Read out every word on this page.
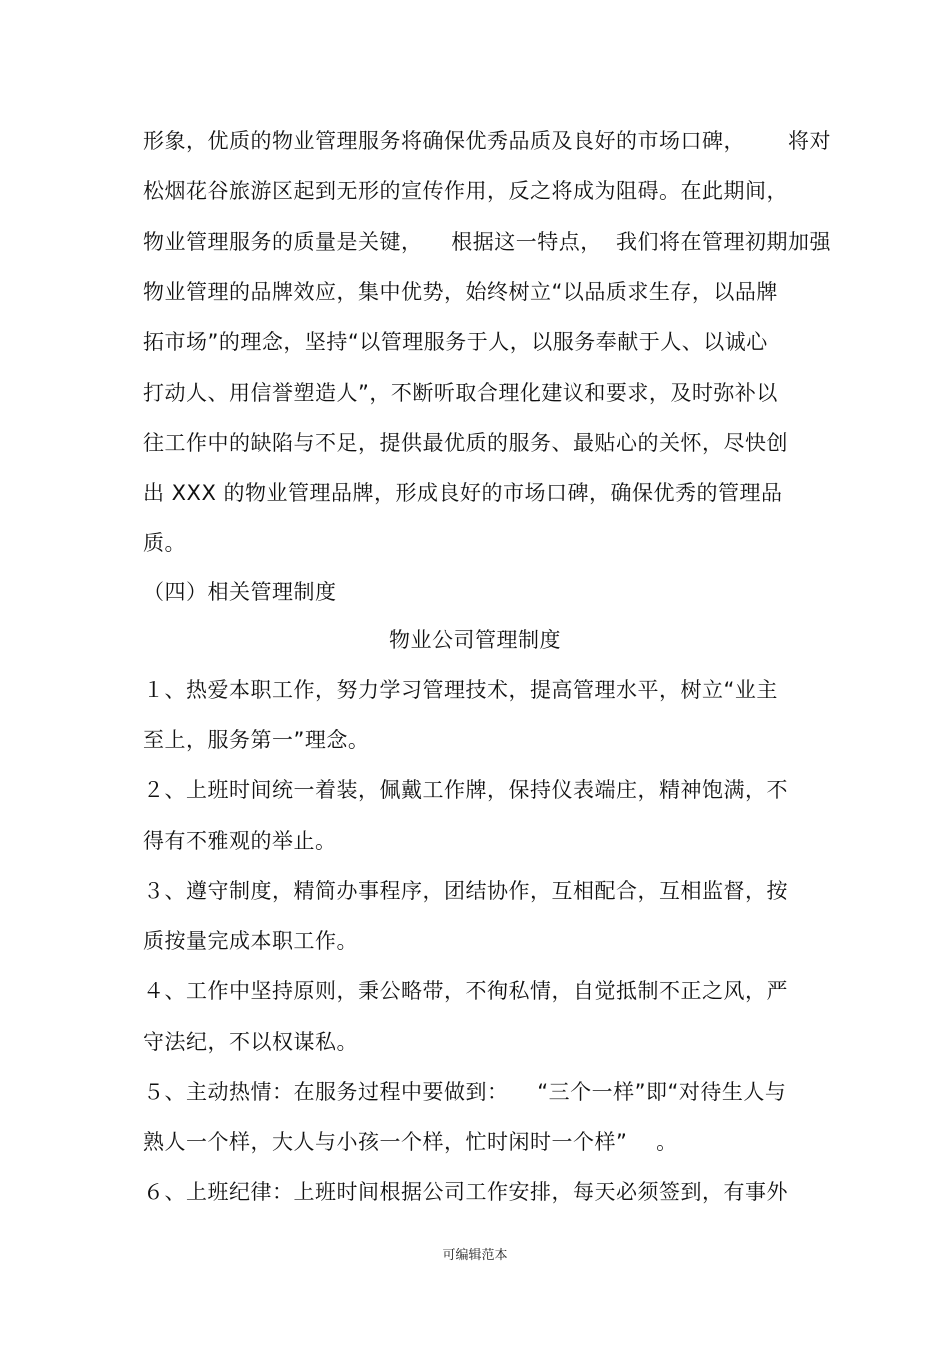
形象，优质的物业管理服务将确保优秀品质及良好的市场口碑，      将对
松烟花谷旅游区起到无形的宣传作用，反之将成为阻碍。在此期间，
物业管理服务的质量是关键，    根据这一特点，  我们将在管理初期加强
物业管理的品牌效应，集中优势，始终树立“以品质求生存，以品牌
拓市场”的理念，坚持“以管理服务于人，以服务奉献于人、以诚心
打动人、用信誉塑造人”，不断听取合理化建议和要求，及时弥补以
往工作中的缺陷与不足，提供最优质的服务、最贴心的关怀，尽快创
出 XXX 的物业管理品牌，形成良好的市场口碑，确保优秀的管理品
质。
（四）相关管理制度
物业公司管理制度
１、热爱本职工作，努力学习管理技术，提高管理水平，树立“业主
至上，服务第一”理念。
２、上班时间统一着装，佩戴工作牌，保持仪表端庄，精神饱满，不
得有不雅观的举止。
３、遵守制度，精简办事程序，团结协作，互相配合，互相监督，按
质按量完成本职工作。
４、工作中坚持原则，秉公略带，不徇私情，自觉抵制不正之风，严
守法纪，不以权谋私。
５、主动热情：在服务过程中要做到：    “三个一样”即“对待生人与
熟人一个样，大人与小孩一个样，忙时闲时一个样”    。
６、上班纪律：上班时间根据公司工作安排，每天必须签到，有事外
可编辑范本
